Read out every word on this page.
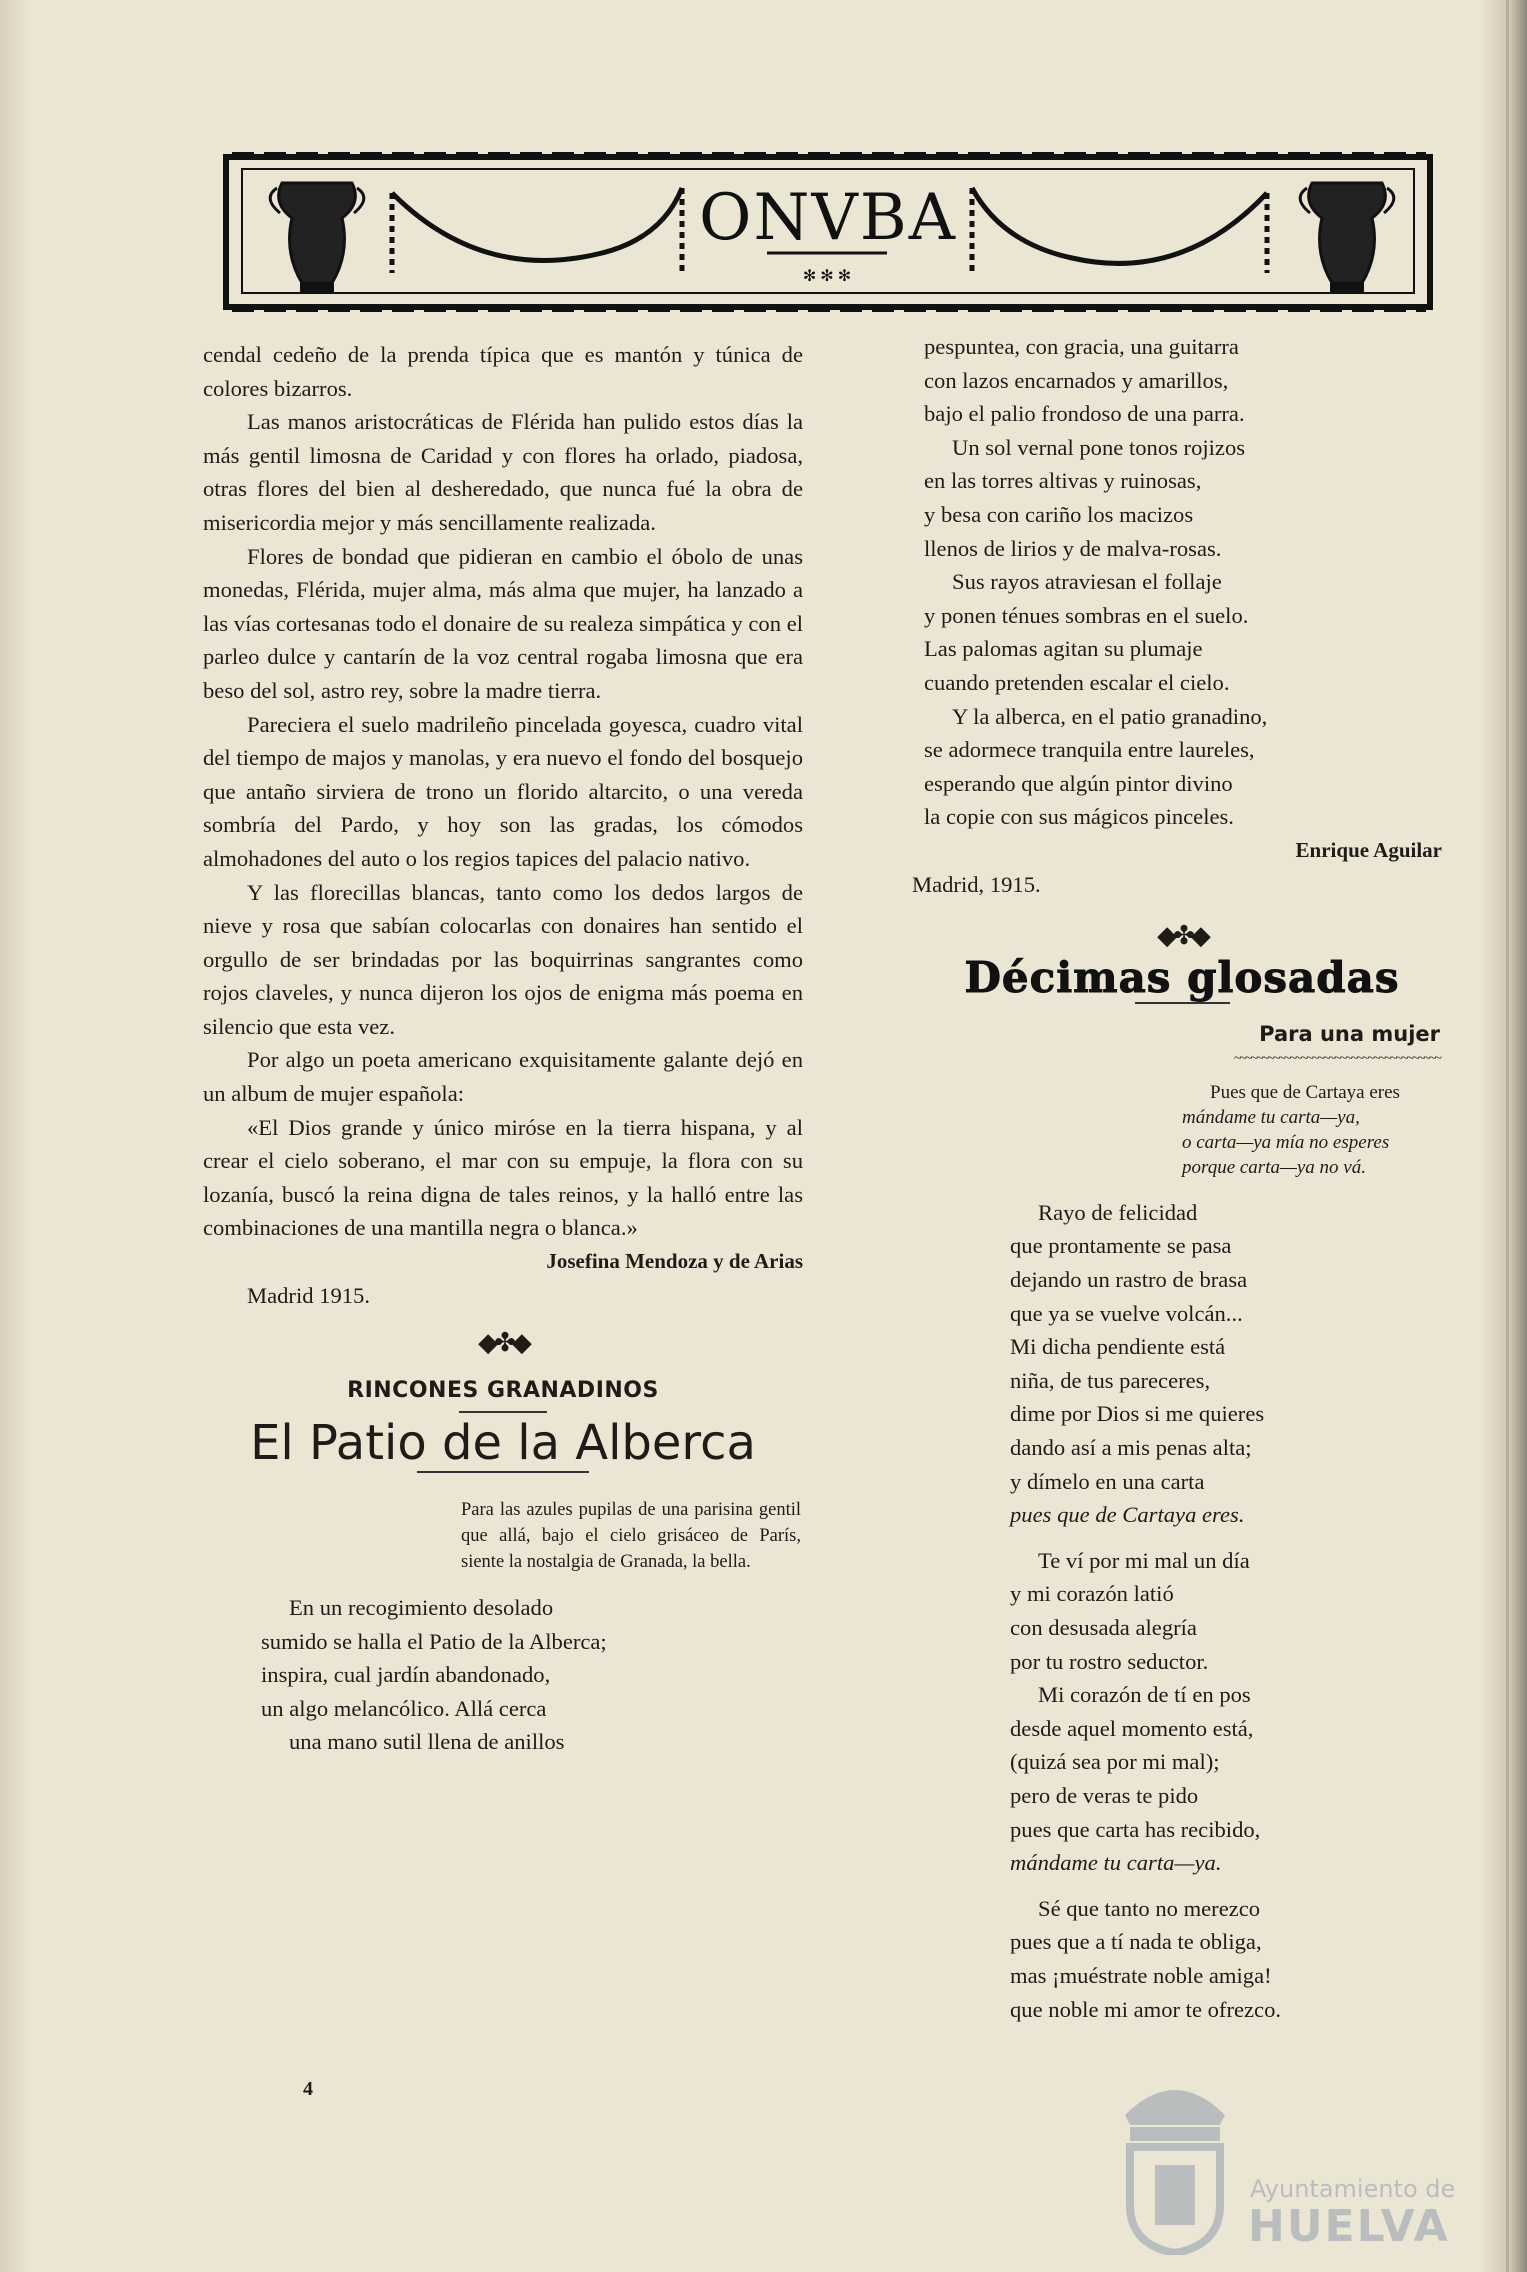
✻ ✻ ✻
ONVBA

cendal cedeño de la prenda típica que es mantón y túnica de colores bizarros.

Las manos aristocráticas de Flérida han pulido estos días la más gentil limosna de Caridad y con flores ha orlado, piadosa, otras flores del bien al desheredado, que nunca fué la obra de misericordia mejor y más sencillamente realizada.

Flores de bondad que pidieran en cambio el óbolo de unas monedas, Flérida, mujer alma, más alma que mujer, ha lanzado a las vías cortesanas todo el donaire de su realeza simpática y con el parleo dulce y cantarín de la voz central rogaba limosna que era beso del sol, astro rey, sobre la madre tierra.

Pareciera el suelo madrileño pincelada goyesca, cuadro vital del tiempo de majos y manolas, y era nuevo el fondo del bosquejo que antaño sirviera de trono un florido altarcito, o una vereda sombría del Pardo, y hoy son las gradas, los cómodos almohadones del auto o los regios tapices del palacio nativo.

Y las florecillas blancas, tanto como los dedos largos de nieve y rosa que sabían colocarlas con donaires han sentido el orgullo de ser brindadas por las boquirrinas sangrantes como rojos claveles, y nunca dijeron los ojos de enigma más poema en silencio que esta vez.

Por algo un poeta americano exquisitamente galante dejó en un album de mujer española:

«El Dios grande y único miróse en la tierra hispana, y al crear el cielo soberano, el mar con su empuje, la flora con su lozanía, buscó la reina digna de tales reinos, y la halló entre las combinaciones de una mantilla negra o blanca.»

Josefina Mendoza y de Arias

Madrid 1915.

◆✤◆

RINCONES GRANADINOS

El Patio de la Alberca

Para las azules pupilas de una parisina gentil que allá, bajo el cielo grisáceo de París, siente la nostalgia de Granada, la bella.

En un recogimiento desolado
sumido se halla el Patio de la Alberca;
inspira, cual jardín abandonado,
un algo melancólico. Allá cerca
una mano sutil llena de anillos
pespuntea, con gracia, una guitarra
con lazos encarnados y amarillos,
bajo el palio frondoso de una parra.
Un sol vernal pone tonos rojizos
en las torres altivas y ruinosas,
y besa con cariño los macizos
llenos de lirios y de malva-rosas.
Sus rayos atraviesan el follaje
y ponen ténues sombras en el suelo.
Las palomas agitan su plumaje
cuando pretenden escalar el cielo.
Y la alberca, en el patio granadino,
se adormece tranquila entre laureles,
esperando que algún pintor divino
la copie con sus mágicos pinceles.

Enrique Aguilar

Madrid, 1915.

◆✤◆

Décimas glosadas

Para una mujer

~~~~~~~~~~~~~~~~~~~~~~~~~~~~~~~~~~~~~

Pues que de Cartaya eres
mándame tu carta—ya,
o carta—ya mía no esperes
porque carta—ya no vá.
Rayo de felicidad
que prontamente se pasa
dejando un rastro de brasa
que ya se vuelve volcán...
Mi dicha pendiente está
niña, de tus pareceres,
dime por Dios si me quieres
dando así a mis penas alta;
y dímelo en una carta
pues que de Cartaya eres.
Te ví por mi mal un día
y mi corazón latió
con desusada alegría
por tu rostro seductor.
Mi corazón de tí en pos
desde aquel momento está,
(quizá sea por mi mal);
pero de veras te pido
pues que carta has recibido,
mándame tu carta—ya.
Sé que tanto no merezco
pues que a tí nada te obliga,
mas ¡muéstrate noble amiga!
que noble mi amor te ofrezco.
4
Ayuntamiento de
HUELVA
